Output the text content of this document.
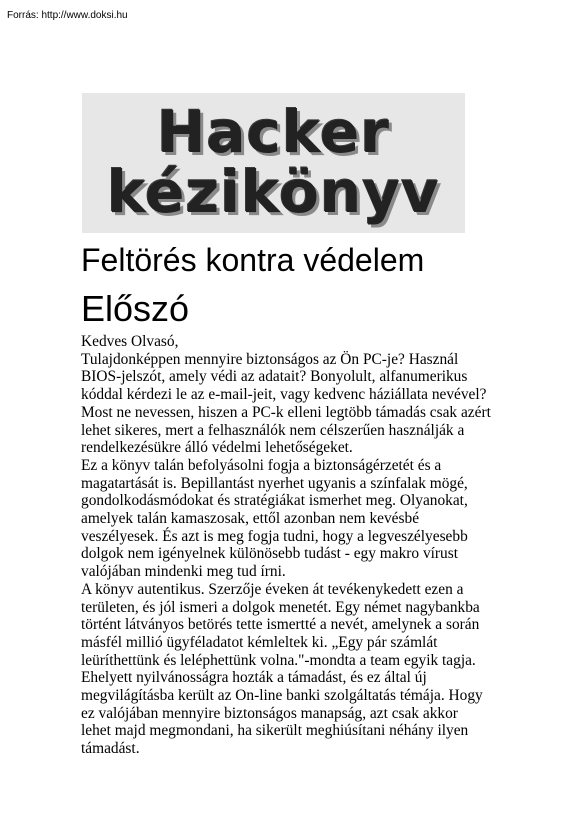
Forrás: http://www.doksi.hu
Hacker
kézikönyv
Feltörés kontra védelem
Előszó
Kedves Olvasó,
Tulajdonképpen mennyire biztonságos az Ön PC-je? Használ
BIOS-jelszót, amely védi az adatait? Bonyolult, alfanumerikus
kóddal kérdezi le az e-mail-jeit, vagy kedvenc háziállata nevével?
Most ne nevessen, hiszen a PC-k elleni legtöbb támadás csak azért
lehet sikeres, mert a felhasználók nem célszerűen használják a
rendelkezésükre álló védelmi lehetőségeket.
Ez a könyv talán befolyásolni fogja a biztonságérzetét és a
magatartását is. Bepillantást nyerhet ugyanis a színfalak mögé,
gondolkodásmódokat és stratégiákat ismerhet meg. Olyanokat,
amelyek talán kamaszosak, ettől azonban nem kevésbé
veszélyesek. És azt is meg fogja tudni, hogy a legveszélyesebb
dolgok nem igényelnek különösebb tudást - egy makro vírust
valójában mindenki meg tud írni.
A könyv autentikus. Szerzője éveken át tevékenykedett ezen a
területen, és jól ismeri a dolgok menetét. Egy német nagybankba
történt látványos betörés tette ismertté a nevét, amelynek a során
másfél millió ügyféladatot kémleltek ki. „Egy pár számlát
leüríthettünk és leléphettünk volna."-mondta a team egyik tagja.
Ehelyett nyilvánosságra hozták a támadást, és ez által új
megvilágításba került az On-line banki szolgáltatás témája. Hogy
ez valójában mennyire biztonságos manapság, azt csak akkor
lehet majd megmondani, ha sikerült meghiúsítani néhány ilyen
támadást.
